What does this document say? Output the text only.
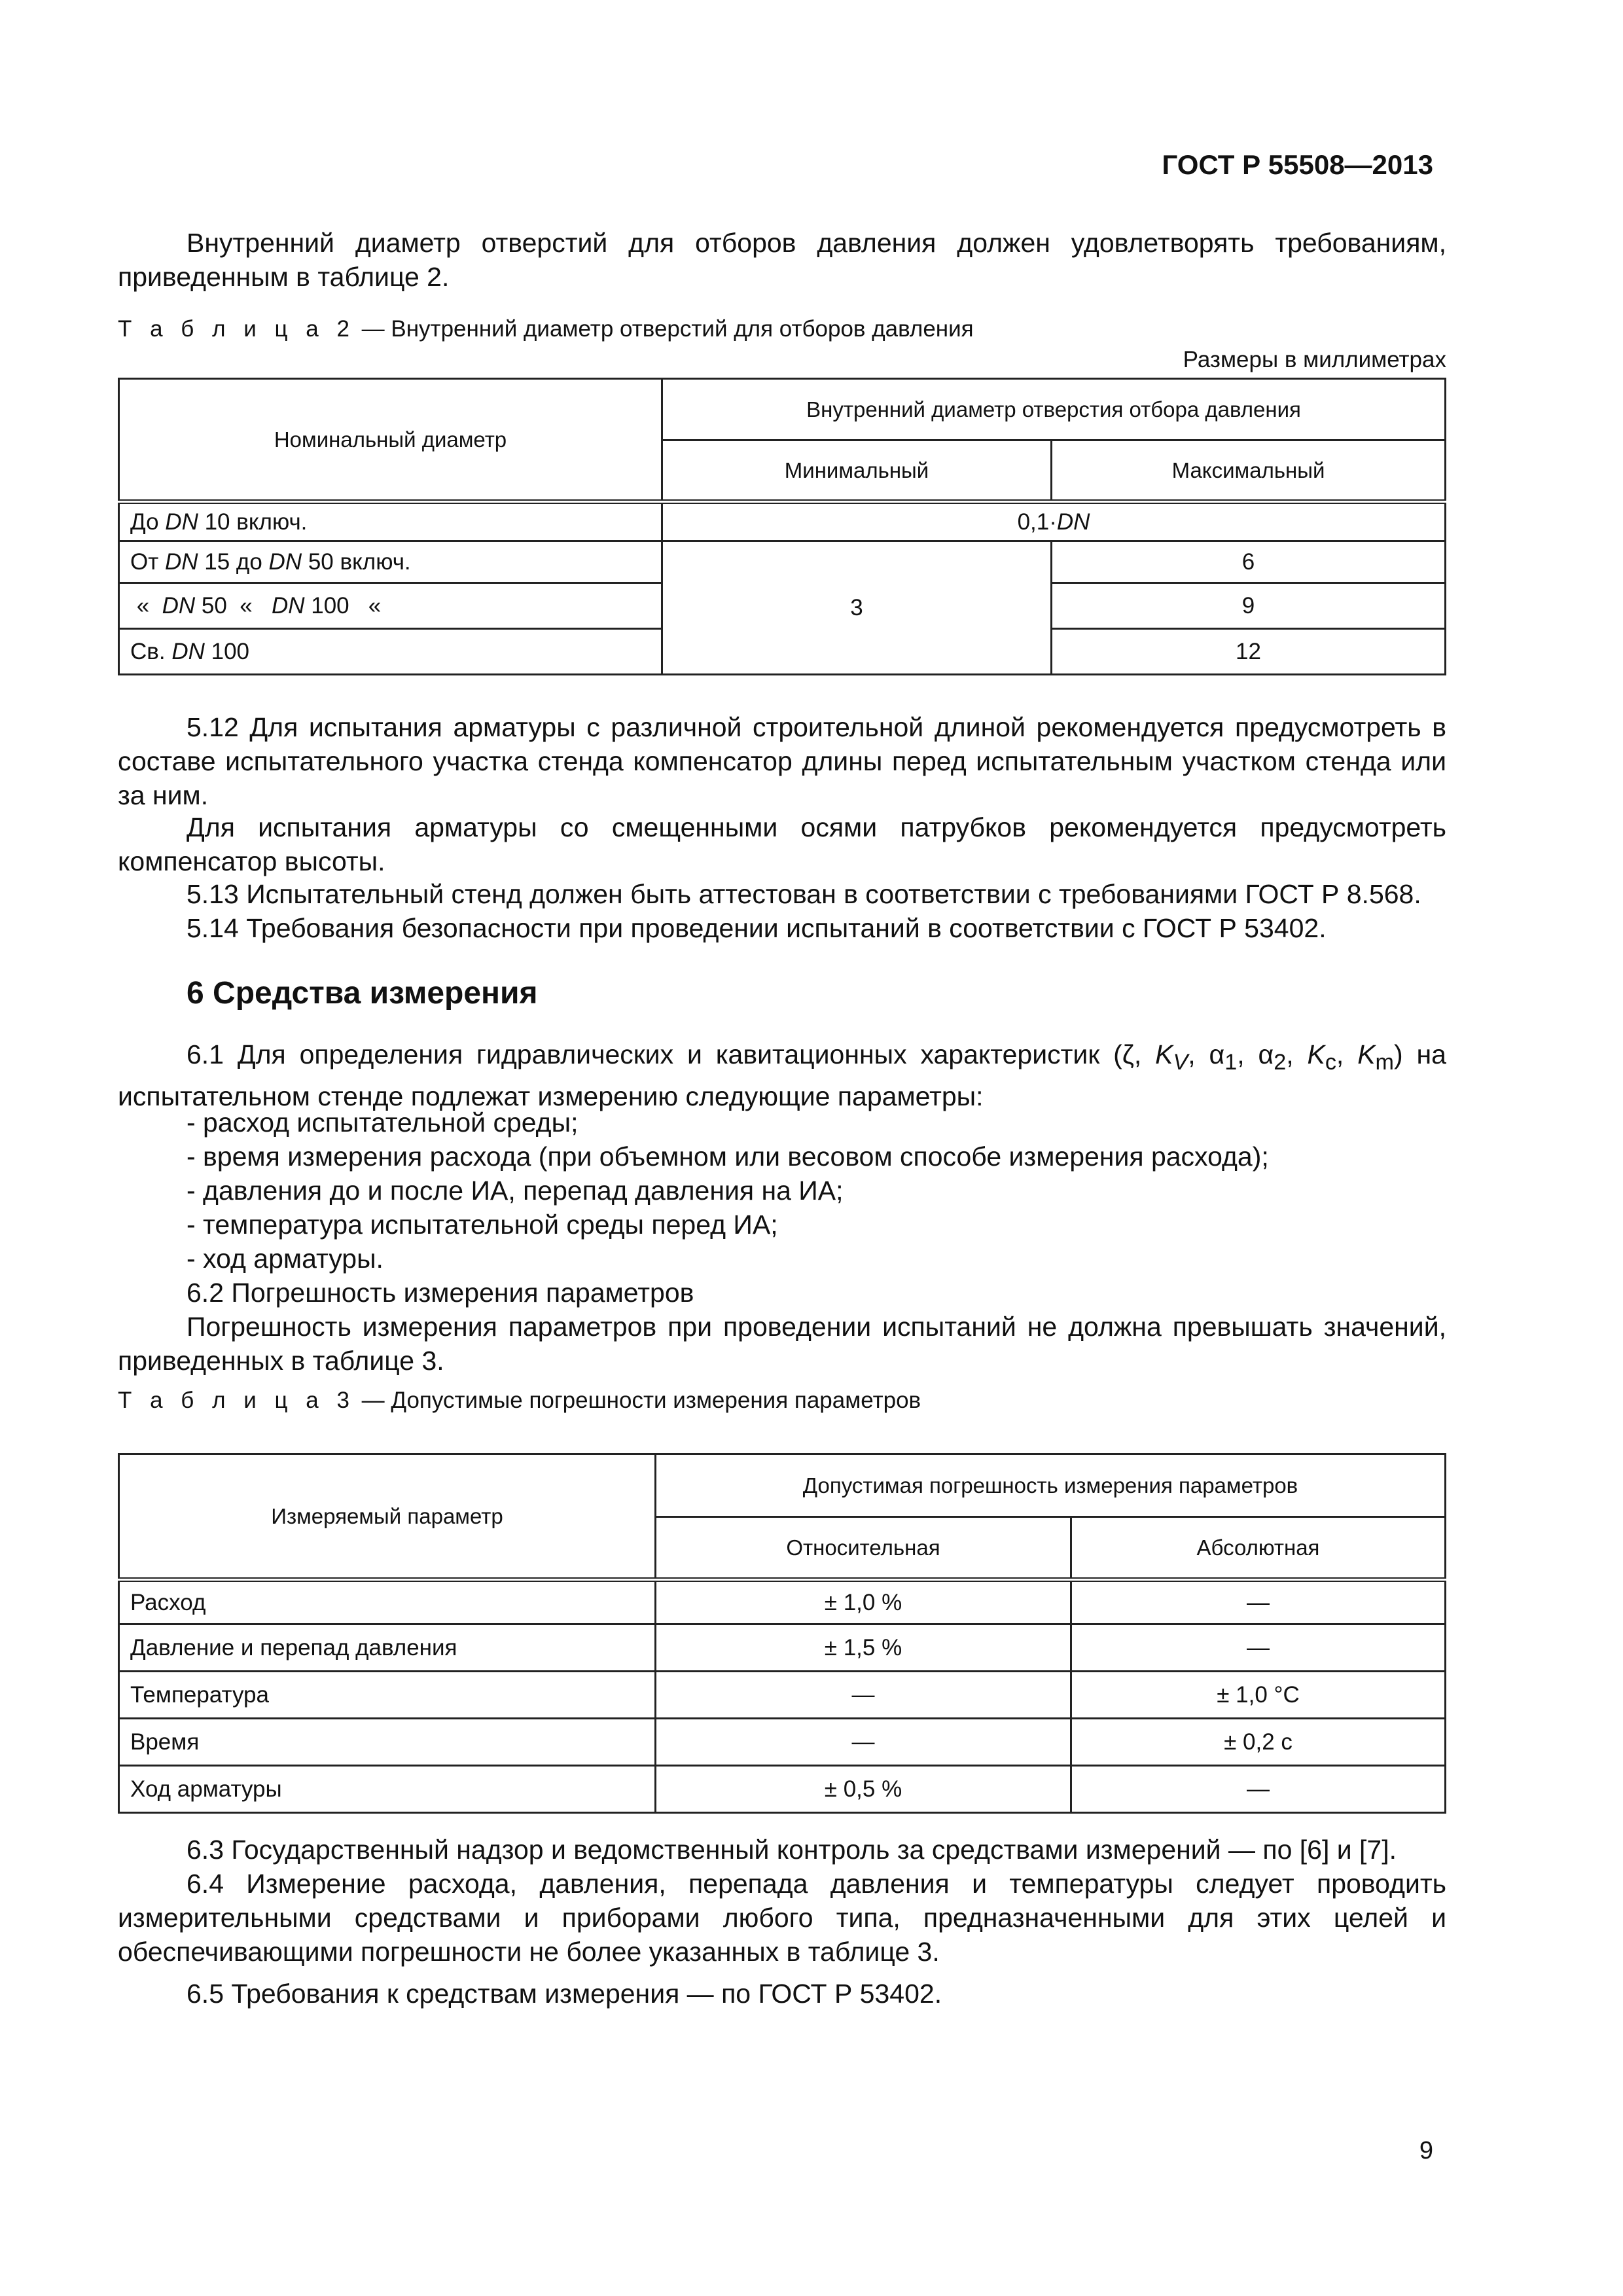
ГОСТ Р 55508—2013
Внутренний диаметр отверстий для отборов давления должен удовлетворять требованиям, приведенным в таблице 2.
Т а б л и ц а 2 — Внутренний диаметр отверстий для отборов давления
Размеры в миллиметрах
Номинальный диаметр	Внутренний диаметр отверстия отбора давления	
	Минимальный	Максимальный
До DN 10 включ.	0,1·DN	
От DN 15 до DN 50 включ.	3	6
«  DN 50  «   DN 100   «		9
Св. DN 100		12
5.12 Для испытания арматуры с различной строительной длиной рекомендуется предусмотреть в составе испытательного участка стенда компенсатор длины перед испытательным участком стенда или за ним.
Для испытания арматуры со смещенными осями патрубков рекомендуется предусмотреть компенсатор высоты.
5.13 Испытательный стенд должен быть аттестован в соответствии с требованиями ГОСТ Р 8.568.
5.14 Требования безопасности при проведении испытаний в соответствии с ГОСТ Р 53402.
6 Средства измерения
6.1 Для определения гидравлических и кавитационных характеристик (ζ, $K_V$, $\alpha_1$, $\alpha_2$, $K_c$, $K_m$) на испытательном стенде подлежат измерению следующие параметры:
- расход испытательной среды;
- время измерения расхода (при объемном или весовом способе измерения расхода);
- давления до и после ИА, перепад давления на ИА;
- температура испытательной среды перед ИА;
- ход арматуры.
6.2 Погрешность измерения параметров
Погрешность измерения параметров при проведении испытаний не должна превышать значений, приведенных в таблице 3.
Т а б л и ц а 3 — Допустимые погрешности измерения параметров
Измеряемый параметр	Допустимая погрешность измерения параметров	
	Относительная	Абсолютная
Расход	± 1,0 %	—
Давление и перепад давления	± 1,5 %	—
Температура	—	± 1,0 °C
Время	—	± 0,2 с
Ход арматуры	± 0,5 %	—
6.3 Государственный надзор и ведомственный контроль за средствами измерений — по [6] и [7].
6.4 Измерение расхода, давления, перепада давления и температуры следует проводить измерительными средствами и приборами любого типа, предназначенными для этих целей и обеспечивающими погрешности не более указанных в таблице 3.
6.5 Требования к средствам измерения — по ГОСТ Р 53402.
9
